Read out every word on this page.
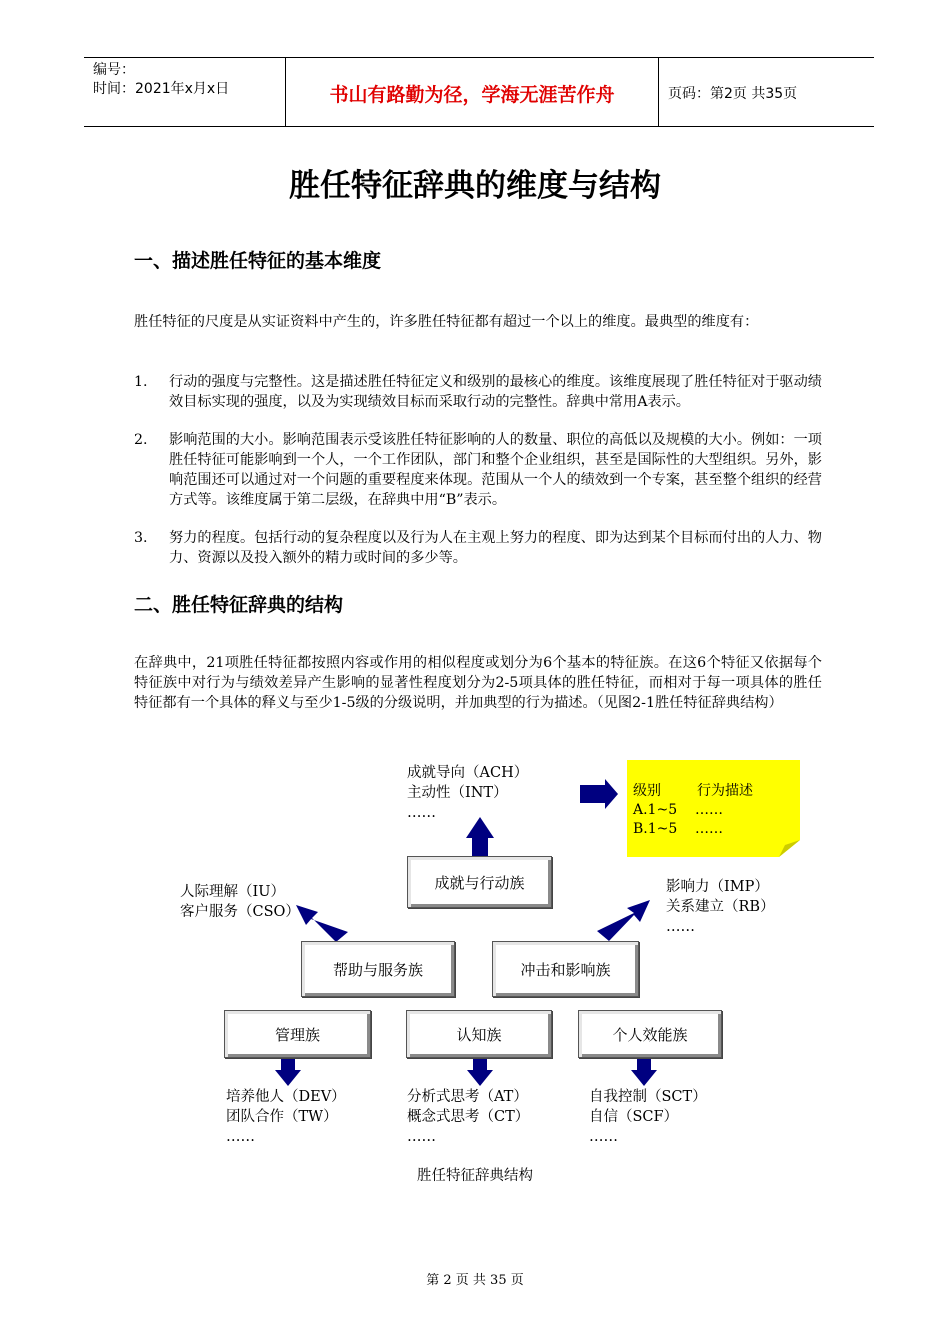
编号：
时间：2021年x月x日	书山有路勤为径，学海无涯苦作舟	页码：第2页 共35页
胜任特征辞典的维度与结构
一、描述胜任特征的基本维度
胜任特征的尺度是从实证资料中产生的，许多胜任特征都有超过一个以上的维度。最典型的维度有：
1. 行动的强度与完整性。这是描述胜任特征定义和级别的最核心的维度。该维度展现了胜任特征对于驱动绩效目标实现的强度，以及为实现绩效目标而采取行动的完整性。辞典中常用A表示。
2. 影响范围的大小。影响范围表示受该胜任特征影响的人的数量、职位的高低以及规模的大小。例如：一项胜任特征可能影响到一个人，一个工作团队，部门和整个企业组织，甚至是国际性的大型组织。另外，影响范围还可以通过对一个问题的重要程度来体现。范围从一个人的绩效到一个专案，甚至整个组织的经营方式等。该维度属于第二层级，在辞典中用“B”表示。
3. 努力的程度。包括行动的复杂程度以及行为人在主观上努力的程度、即为达到某个目标而付出的人力、物力、资源以及投入额外的精力或时间的多少等。
二、胜任特征辞典的结构
在辞典中，21项胜任特征都按照内容或作用的相似程度或划分为6个基本的特征族。在这6个特征又依据每个特征族中对行为与绩效差异产生影响的显著性程度划分为2-5项具体的胜任特征，而相对于每一项具体的胜任特征都有一个具体的释义与至少1-5级的分级说明，并加典型的行为描述。（见图2-1胜任特征辞典结构）
成就与行动族
帮助与服务族	冲击和影响族
管理族	认知族	个人效能族
成就导向（ACH）
主动性（INT）
……
人际理解（IU）
客户服务（CSO）
影响力（IMP）
关系建立（RB）
……
培养他人（DEV）
团队合作（TW）
……
分析式思考（AT）
概念式思考（CT）
……
自我控制（SCT）
自信（SCF）
……
级别	行为描述
A.1~5 ……
B.1~5 ……
胜任特征辞典结构
第 2 页 共 35 页
